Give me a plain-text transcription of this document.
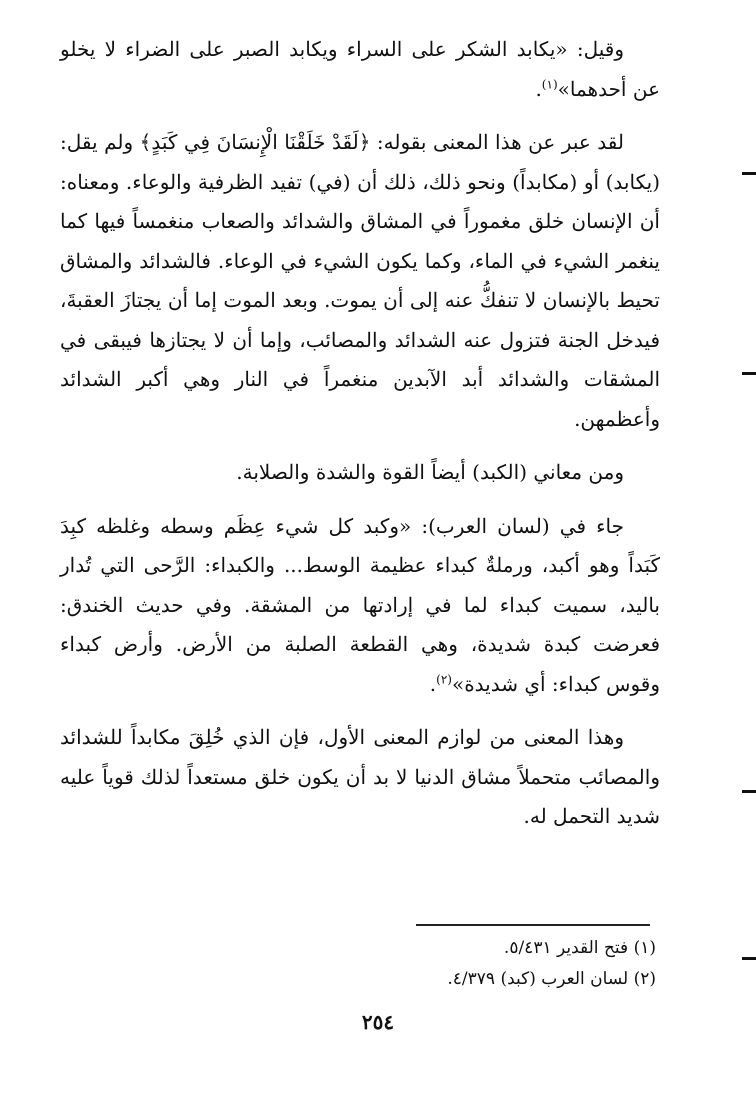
وقيل: «يكابد الشكر على السراء ويكابد الصبر على الضراء لا يخلو عن أحدهما»$^{(١)}$.

لقد عبر عن هذا المعنى بقوله: ﴿لَقَدْ خَلَقْنَا الْإِنسَانَ فِي كَبَدٍ﴾ ولم يقل: (يكابد) أو (مكابداً) ونحو ذلك، ذلك أن (في) تفيد الظرفية والوعاء. ومعناه: أن الإنسان خلق مغموراً في المشاق والشدائد والصعاب منغمساً فيها كما ينغمر الشيء في الماء، وكما يكون الشيء في الوعاء. فالشدائد والمشاق تحيط بالإنسان لا تنفكُّ عنه إلى أن يموت. وبعد الموت إما أن يجتازَ العقبةَ، فيدخل الجنة فتزول عنه الشدائد والمصائب، وإما أن لا يجتازها فيبقى في المشقات والشدائد أبد الآبدين منغمراً في النار وهي أكبر الشدائد وأعظمهن.

ومن معاني (الكبد) أيضاً القوة والشدة والصلابة.

جاء في (لسان العرب): «وكبد كل شيء عِظَم وسطه وغلظه كبِدَ كَبَداً وهو أكبد، ورملةٌ كبداء عظيمة الوسط... والكبداء: الرَّحى التي تُدار باليد، سميت كبداء لما في إرادتها من المشقة. وفي حديث الخندق: فعرضت كبدة شديدة، وهي القطعة الصلبة من الأرض. وأرض كبداء وقوس كبداء: أي شديدة»$^{(٢)}$.

وهذا المعنى من لوازم المعنى الأول، فإن الذي خُلِقَ مكابداً للشدائد والمصائب متحملاً مشاق الدنيا لا بد أن يكون خلق مستعداً لذلك قوياً عليه شديد التحمل له.

(١) فتح القدير ٥/٤٣١.

(٢) لسان العرب (كبد) ٤/٣٧٩.

٢٥٤
